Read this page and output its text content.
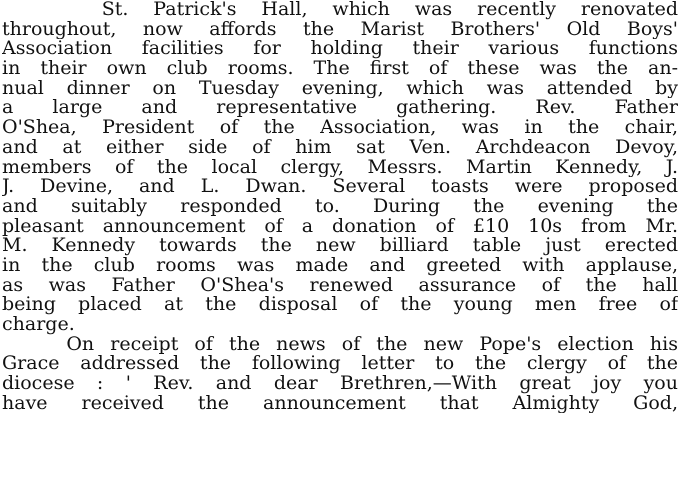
St. Patrick's Hall, which was recently renovated
throughout, now affords the Marist Brothers' Old Boys'
Association facilities for holding their various functions
in their own club rooms. The first of these was the an-
nual dinner on Tuesday evening, which was attended by
a large and representative gathering. Rev. Father
O'Shea, President of the Association, was in the chair,
and at either side of him sat Ven. Archdeacon Devoy,
members of the local clergy, Messrs. Martin Kennedy, J.
J. Devine, and L. Dwan. Several toasts were proposed
and suitably responded to. During the evening the
pleasant announcement of a donation of £10 10s from Mr.
M. Kennedy towards the new billiard table just erected
in the club rooms was made and greeted with applause,
as was Father O'Shea's renewed assurance of the hall
being placed at the disposal of the young men free of
charge.
On receipt of the news of the new Pope's election his
Grace addressed the following letter to the clergy of the
diocese : ' Rev. and dear Brethren,—With great joy you
have received the announcement that Almighty God,
